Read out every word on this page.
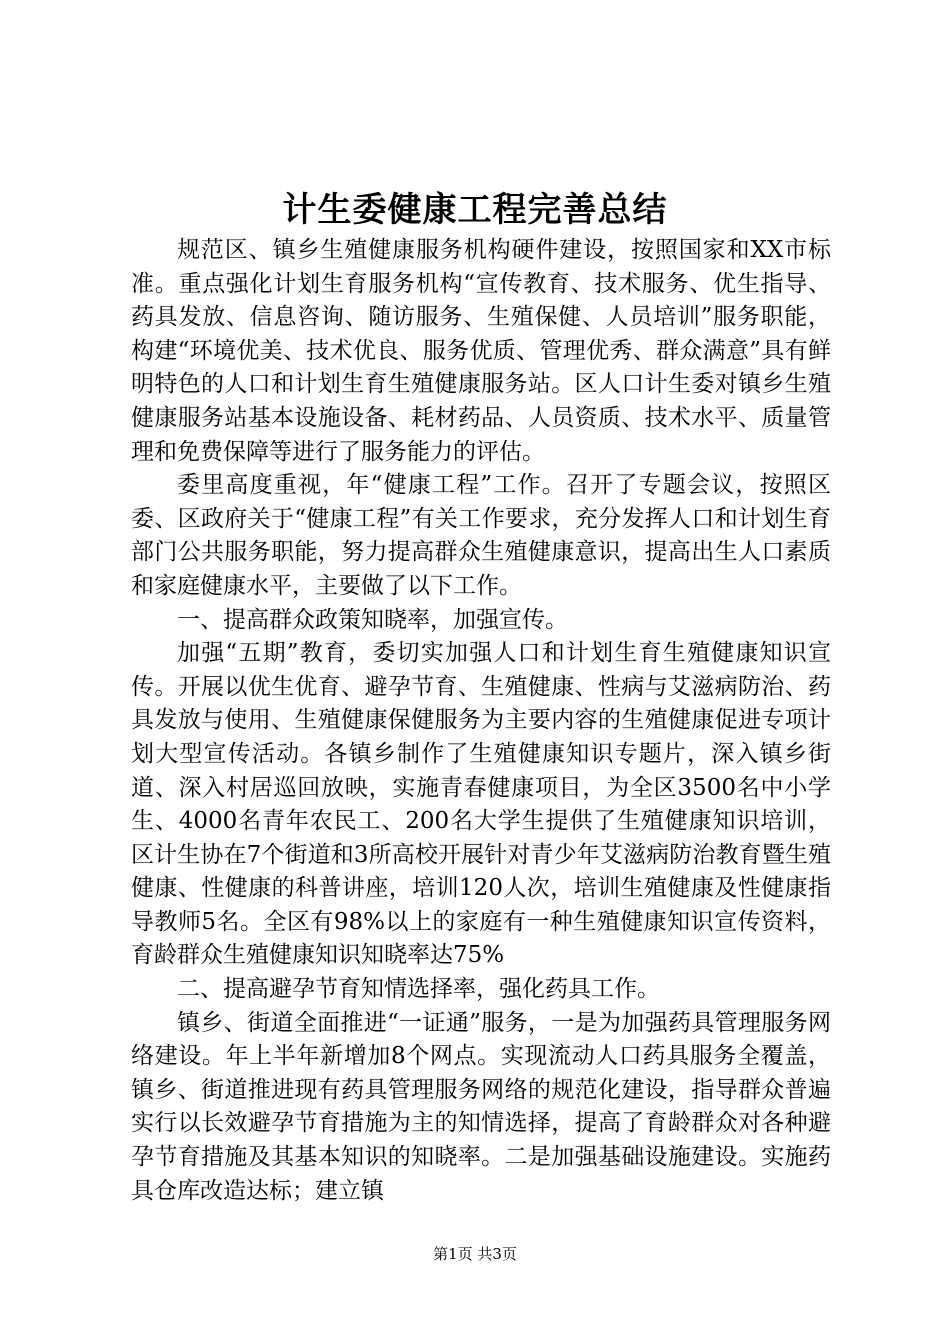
计生委健康工程完善总结

规范区、镇乡生殖健康服务机构硬件建设，按照国家和XX市标准。重点强化计划生育服务机构“宣传教育、技术服务、优生指导、药具发放、信息咨询、随访服务、生殖保健、人员培训”服务职能，构建“环境优美、技术优良、服务优质、管理优秀、群众满意”具有鲜明特色的人口和计划生育生殖健康服务站。区人口计生委对镇乡生殖健康服务站基本设施设备、耗材药品、人员资质、技术水平、质量管理和免费保障等进行了服务能力的评估。

委里高度重视，年“健康工程”工作。召开了专题会议，按照区委、区政府关于“健康工程”有关工作要求，充分发挥人口和计划生育部门公共服务职能，努力提高群众生殖健康意识，提高出生人口素质和家庭健康水平，主要做了以下工作。

一、提高群众政策知晓率，加强宣传。

加强“五期”教育，委切实加强人口和计划生育生殖健康知识宣传。开展以优生优育、避孕节育、生殖健康、性病与艾滋病防治、药具发放与使用、生殖健康保健服务为主要内容的生殖健康促进专项计划大型宣传活动。各镇乡制作了生殖健康知识专题片，深入镇乡街道、深入村居巡回放映，实施青春健康项目，为全区3500名中小学生、4000名青年农民工、200名大学生提供了生殖健康知识培训，区计生协在7个街道和3所高校开展针对青少年艾滋病防治教育暨生殖健康、性健康的科普讲座，培训120人次，培训生殖健康及性健康指导教师5名。全区有98%以上的家庭有一种生殖健康知识宣传资料，育龄群众生殖健康知识知晓率达75%

二、提高避孕节育知情选择率，强化药具工作。

镇乡、街道全面推进“一证通”服务，一是为加强药具管理服务网络建设。年上半年新增加8个网点。实现流动人口药具服务全覆盖，镇乡、街道推进现有药具管理服务网络的规范化建设，指导群众普遍实行以长效避孕节育措施为主的知情选择，提高了育龄群众对各种避孕节育措施及其基本知识的知晓率。二是加强基础设施建设。实施药具仓库改造达标；建立镇

第1页 共3页
